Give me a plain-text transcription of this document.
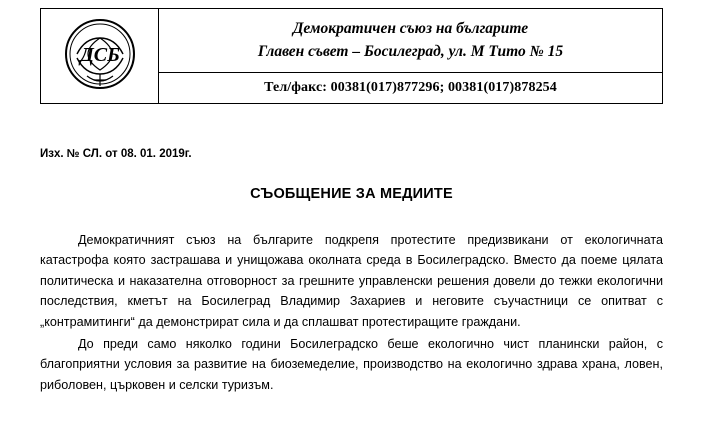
ДСБ
Демократичен съюз на българите
Главен съвет – Босилеград, ул. М Тито № 15
Тел/факс: 00381(017)877296; 00381(017)878254
Изх. № СЛ. от 08. 01. 2019г.
СЪОБЩЕНИЕ ЗА МЕДИИТЕ

Демократичният съюз на българите подкрепя протестите предизвикани от екологичната катастрофа която застрашава и унищожава околната среда в Босилеградско. Вместо да поеме цялата политическа и наказателна отговорност за грешните управленски решения довели до тежки екологични последствия, кметът на Босилеград Владимир Захариев и неговите съучастници се опитват с „контрамитинги“ да демонстрират сила и да сплашват протестиращите граждани.

До преди само няколко години Босилеградско беше екологично чист планински район, с благоприятни условия за развитие на биоземеделие, производство на екологично здрава храна, ловен, риболовен, църковен и селски туризъм.
